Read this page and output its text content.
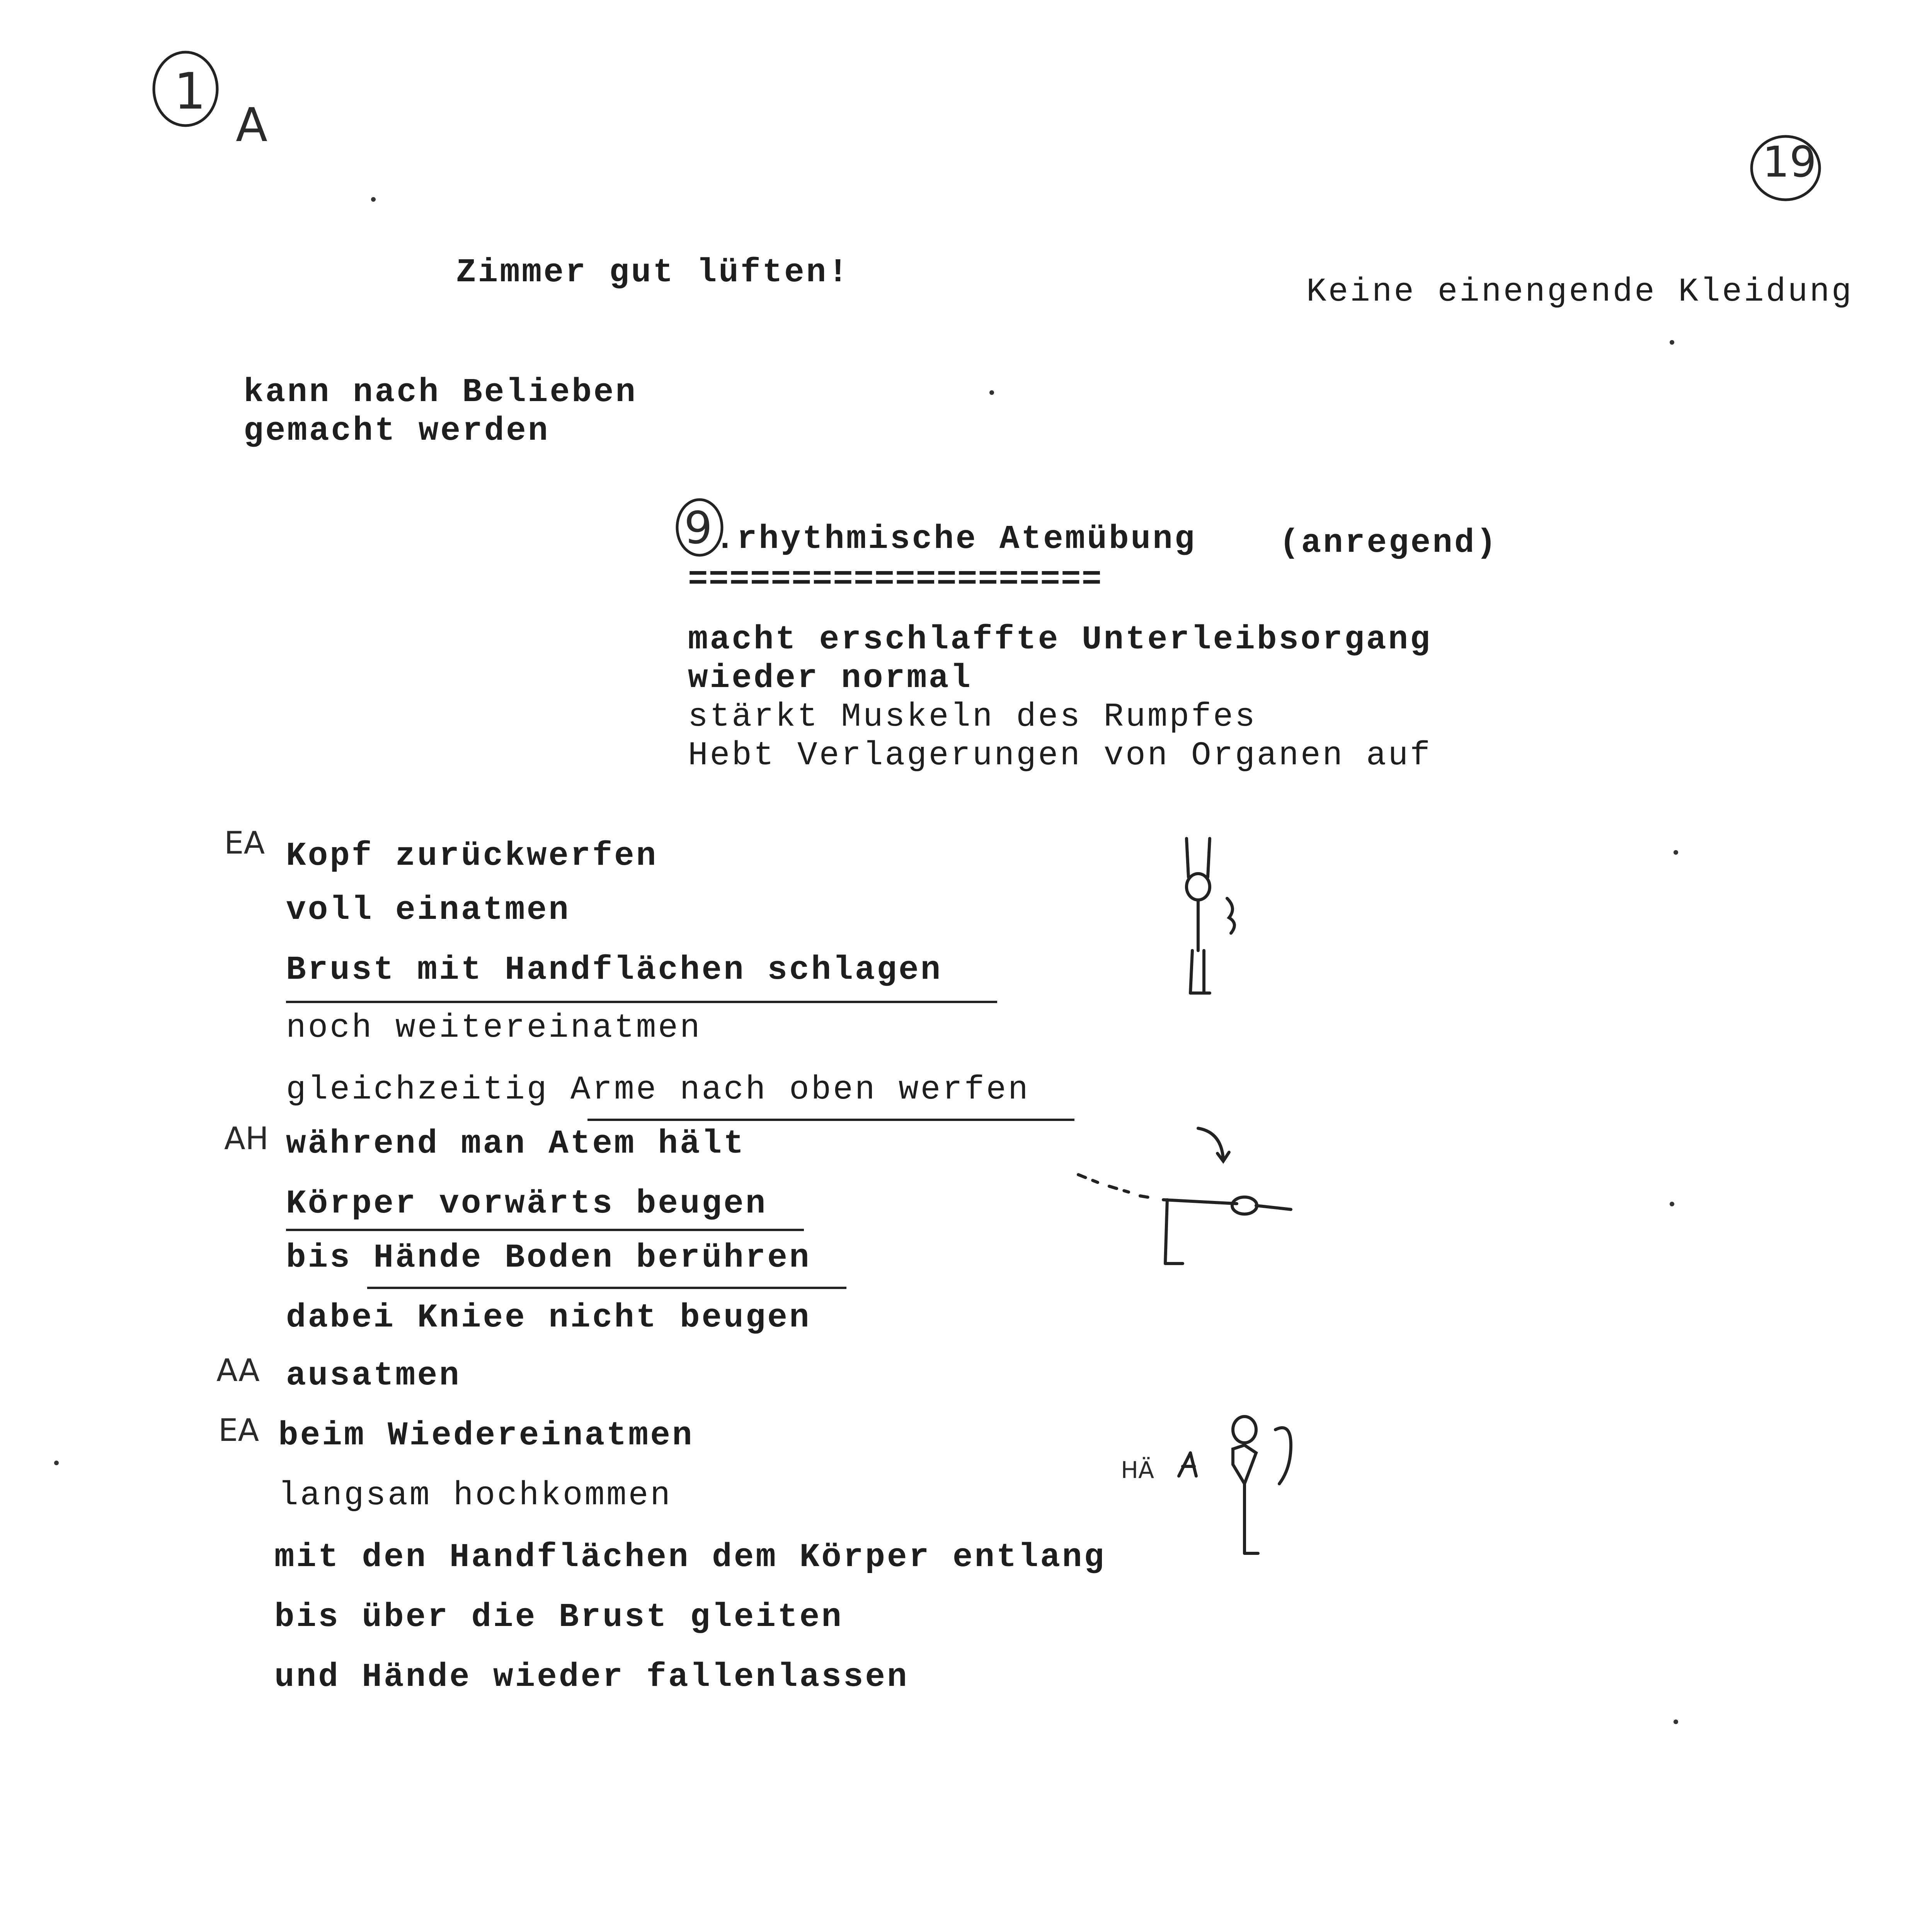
1
A
19
Zimmer gut lüften!
Keine einengende Kleidunɡ
kann nach Belieben
gemacht werden
9 .rhythmische Atemübung (anregend)
====================
macht erschlaffte Unterleibsorgang
wieder normal
stärkt Muskeln des Rumpfes
Hebt Verlagerungen von Organen auf
EA
AH
AA
EA
Kopf zurückwerfen
voll einatmen
Brust mit Handflächen schlagen
noch weitereinatmen
gleichzeitig Arme nach oben werfen
während man Atem hält
Körper vorwärts beugen
bis Hände Boden berühren
dabei Kniee nicht beugen
ausatmen
beim Wiedereinatmen
langsam hochkommen
mit den Handflächen dem Körper entlang
bis über die Brust gleiten
und Hände wieder fallenlassen
HÄ
